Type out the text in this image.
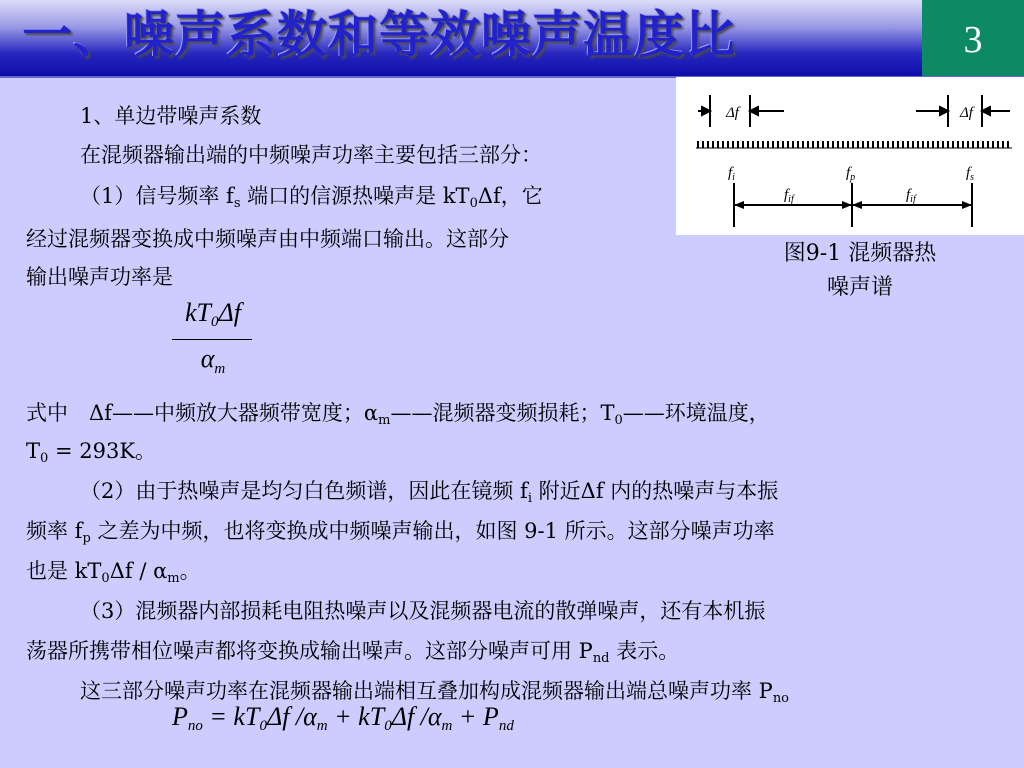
一、噪声系数和等效噪声温度比	3
1、单边带噪声系数
在混频器输出端的中频噪声功率主要包括三部分：
（1）信号频率 $f_s$ 端口的信源热噪声是 $kT_0\Delta f$，它
经过混频器变换成中频噪声由中频端口输出。这部分
输出噪声功率是
$kT_0\Delta f$
$\alpha_m$
式中　Δf——中频放大器频带宽度；$\alpha_m——$混频器变频损耗；$T_0——$环境温度，
$T_0 = 293K$。
（2）由于热噪声是均匀白色频谱，因此在镜频 $f_i$ 附近Δf 内的热噪声与本振
频率 $f_p$ 之差为中频，也将变换成中频噪声输出，如图 9-1 所示。这部分噪声功率
也是 $kT_0\Delta f / \alpha_m$。
（3）混频器内部损耗电阻热噪声以及混频器电流的散弹噪声，还有本机振
荡器所携带相位噪声都将变换成输出噪声。这部分噪声可用 $P_{nd}$ 表示。
这三部分噪声功率在混频器输出端相互叠加构成混频器输出端总噪声功率 $P_{no}$
$P_{no} = kT_0\Delta f$ $/\alpha_m + kT_0\Delta f$ $/\alpha_m + P_{nd}$
Δf	Δf
$f_i$	$f_p$	$f_s$
$f_{if}$	$f_{if}$
图9-1 混频器热
噪声谱
